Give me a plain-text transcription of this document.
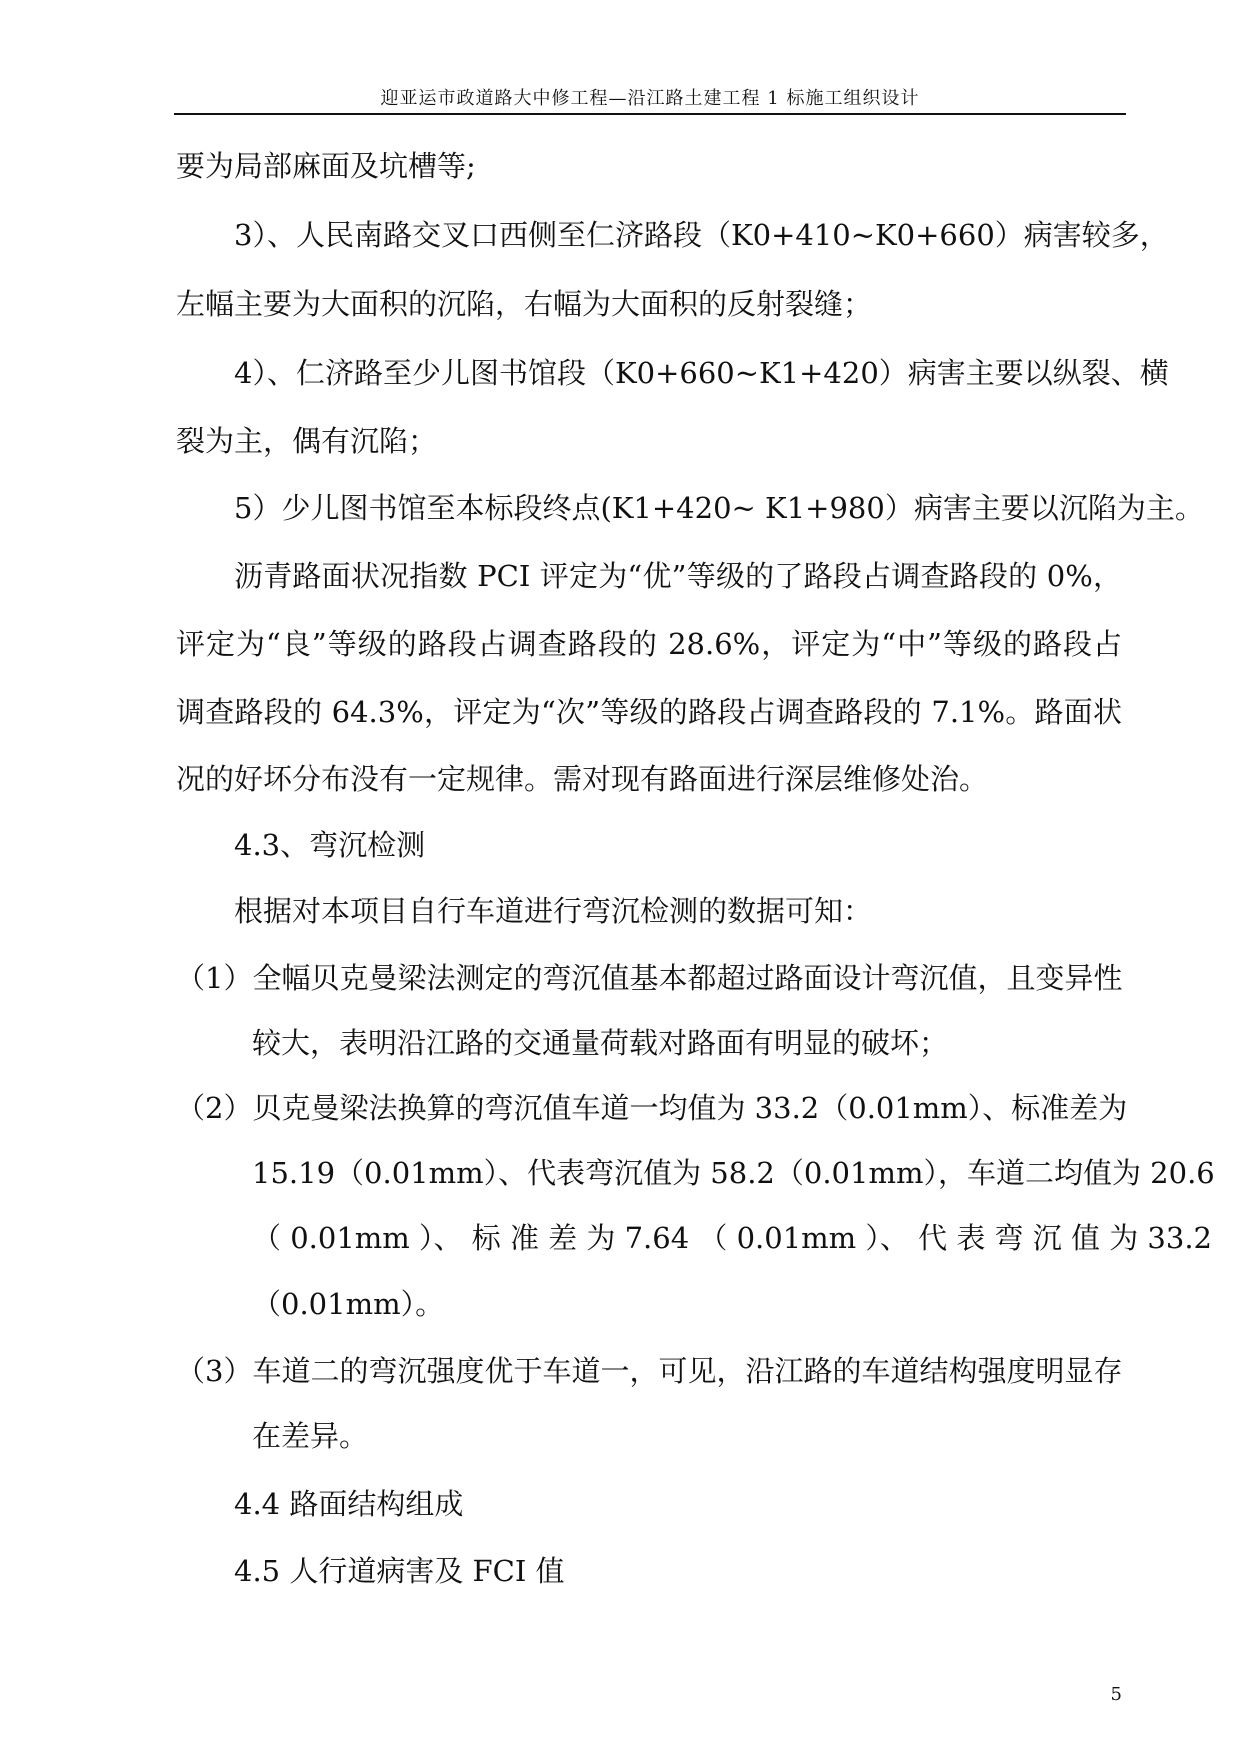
迎亚运市政道路大中修工程—沿江路土建工程 1 标施工组织设计
要为局部麻面及坑槽等;
3）、人民南路交叉口西侧至仁济路段（K0+410~K0+660）病害较多，
左幅主要为大面积的沉陷，右幅为大面积的反射裂缝；
4）、仁济路至少儿图书馆段（K0+660~K1+420）病害主要以纵裂、横
裂为主，偶有沉陷；
5）少儿图书馆至本标段终点(K1+420~ K1+980）病害主要以沉陷为主。
沥青路面状况指数 PCI 评定为“优”等级的了路段占调查路段的 0%，
评定为“良”等级的路段占调查路段的 28.6%，评定为“中”等级的路段占
调查路段的 64.3%，评定为“次”等级的路段占调查路段的 7.1%。路面状
况的好坏分布没有一定规律。需对现有路面进行深层维修处治。
4.3、弯沉检测
根据对本项目自行车道进行弯沉检测的数据可知：
（1）全幅贝克曼梁法测定的弯沉值基本都超过路面设计弯沉值，且变异性
较大，表明沿江路的交通量荷载对路面有明显的破坏；
（2）贝克曼梁法换算的弯沉值车道一均值为 33.2（0.01mm）、标准差为
15.19（0.01mm）、代表弯沉值为 58.2（0.01mm），车道二均值为 20.6
（ 0.01mm ）、 标 准 差 为 7.64 （ 0.01mm ）、 代 表 弯 沉 值 为 33.2
（0.01mm）。
（3）车道二的弯沉强度优于车道一，可见，沿江路的车道结构强度明显存
在差异。
4.4 路面结构组成
4.5 人行道病害及 FCI 值
5
